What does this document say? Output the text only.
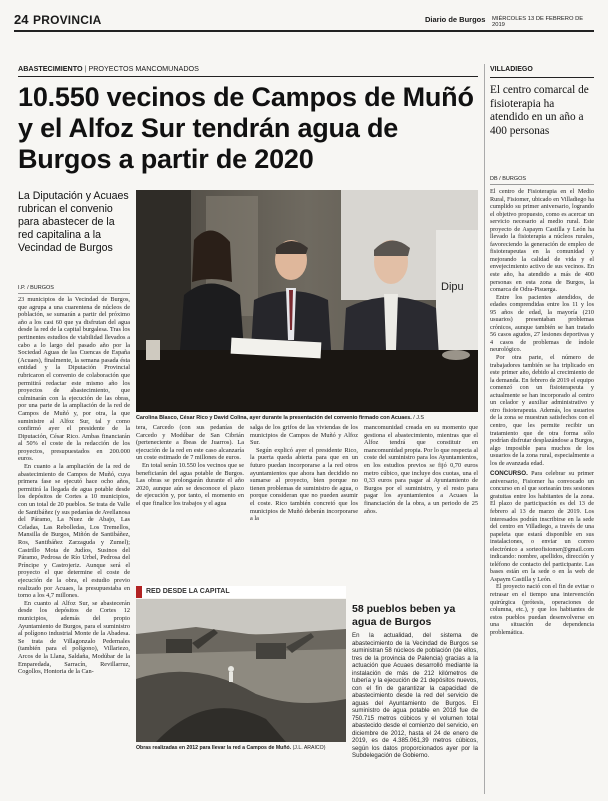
24 PROVINCIA	Diario de Burgos MIÉRCOLES 13 DE FEBRERO DE 2019
ABASTECIMIENTO | PROYECTOS MANCOMUNADOS
10.550 vecinos de Campos de Muñó y el Alfoz Sur tendrán agua de Burgos a partir de 2020
La Diputación y Acuaes rubrican el convenio para abastecer de la red capitalina a la Vecindad de Burgos
I.P. / BURGOS	Dipu
Carolina Blasco, César Rico y David Colina, ayer durante la presentación del convenio firmado con Acuaes. / J.S

23 municipios de la Vecindad de Burgos, que agrupa a una cuarentena de núcleos de población, se sumarán a partir del próximo año a los casi 60 que ya disfrutan del agua desde la red de la capital burgalesa. Tras los pertinentes estudios de viabilidad llevados a cabo a lo largo del pasado año por la Sociedad Aguas de las Cuencas de España (Acuaes), finalmente, la semana pasada ésta entidad y la Diputación Provincial rubricaron el convenio de colaboración que permitirá redactar este mismo año los proyectos de abastecimiento, que culminarán con la ejecución de las obras, por una parte de la ampliación de la red de Campos de Muñó y, por otra, la que suministre al Alfoz Sur, tal y como confirmó ayer el presidente de la Diputación, César Rico. Ambas financiarán al 50% el coste de la redacción de los proyectos, presupuestados en 200.000 euros.

En cuanto a la ampliación de la red de abastecimiento de Campos de Muñó, cuya primera fase se ejecutó hace ocho años, permitirá la llegada de agua potable desde los depósitos de Cortes a 10 municipios, con un total de 20 pueblos. Se trata de Valle de Santibáñez (y sus pedanías de Avellanosa del Páramo, La Nuez de Abajo, Las Celadas, Las Rebolledas, Los Tremellos, Mansilla de Burgos, Miñón de Santibáñez, Ros, Santibáñez Zarzaguda y Zumel); Castrillo Mota de Judíos, Susinos del Páramo, Pedrosa de Río Urbel, Pedrosa del Príncipe y Castrojeriz. Aunque será el proyecto el que determine el coste de ejecución de la obra, el estudio previo realizado por Acuaes, la presupuestaba en torno a los 4,7 millones.

En cuanto al Alfoz Sur, se abastecerán desde los depósitos de Cortes 12 municipios, además del propio Ayuntamiento de Burgos, para el suministro al polígono industrial Monte de la Abadesa. Se trata de Villagonzalo Pedernales (también para el polígono), Villariezo, Arcos de la Llana, Saldaña, Modúbar de la Emparedada, Sarracín, Revillarruz, Cogollos, Hontoria de la Can-

tera, Carcedo (con sus pedanías de Carcedo y Modúbar de San Cibrián (perteneciente a Ibeas de Juarros). La ejecución de la red en este caso alcanzaría un coste estimado de 7 millones de euros.

En total serán 10.550 los vecinos que se beneficiarán del agua potable de Burgos. Las obras se prolongarán durante el año 2020, aunque aún se desconoce el plazo de ejecución y, por tanto, el momento en el que finalice los trabajos y el agua

salga de los grifos de las viviendas de los municipios de Campos de Muñó y Alfoz Sur.

Según explicó ayer el presidente Rico, la puerta queda abierta para que en un futuro puedan incorporarse a la red otros ayuntamientos que ahora han decidido no sumarse al proyecto, bien porque no tienen problemas de suministro de agua, o porque consideran que no pueden asumir el coste. Rico también concretó que los municipios de Muñó deberán incorporarse a la

mancomunidad creada en su momento que gestiona el abastecimiento, mientras que el Alfoz tendrá que constituir en mancomunidad propia. Por lo que respecta al coste del suministro para los Ayuntamientos, en los estudios previos se fijó 0,70 euros metro cúbico, que incluye dos cuotas, una el 0,33 euros para pagar al Ayuntamiento de Burgos por el suministro, y el resto para pagar los ayuntamientos a Acuaes la financiación de la obra, a un periodo de 25 años.

RED DESDE LA CAPITAL
Obras realizadas en 2012 para llevar la red a Campos de Muñó. (J.L. ARAICO)
58 pueblos beben ya agua de Burgos

En la actualidad, del sistema de abastecimiento de la Vecindad de Burgos se suministran 58 núcleos de población (de ellos, tres de la provincia de Palencia) gracias a la actuación que Acuaes desarrolló mediante la instalación de más de 212 kilómetros de tubería y la ejecución de 21 depósitos nuevos, con el fin de garantizar la capacidad de abastecimiento desde la red del servicio de aguas del Ayuntamiento de Burgos. El suministro de agua potable en 2018 fue de 750.715 metros cúbicos y el volumen total abastecido desde el comienzo del servicio, en diciembre de 2012, hasta el 24 de enero de 2019, es de 4.385.061,39 metros cúbicos, según los datos proporcionados ayer por la Subdelegación de Gobierno.

VILLADIEGO
El centro comarcal de fisioterapia ha atendido en un año a 400 personas
DB / BURGOS

El centro de Fisioterapia en el Medio Rural, Fisiomer, ubicado en Villadiego ha cumplido su primer aniversario, logrando el objetivo propuesto, como es acercar un servicio necesario al medio rural. Este proyecto de Aspaym Castilla y León ha llevado la fisioterapia a núcleos rurales, favoreciendo la generación de empleo de fisioterapeutas en la comunidad y mejorando la calidad de vida y el envejecimiento activo de sus vecinos. En este año, ha atendido a más de 400 personas en esta zona de Burgos, la comarca de Odra-Pisuerga.

Entre los pacientes atendidos, de edades comprendidas entre los 11 y los 95 años de edad, la mayoría (210 usuarios) presentaban problemas crónicos, aunque también se han tratado 56 casos agudos, 27 lesiones deportivas y 4 casos de problemas de índole neurológico.

Por otra parte, el número de trabajadores también se ha triplicado en este primer año, debido al crecimiento de la demanda. En febrero de 2019 el equipo comenzó con un fisioterapeuta y actualmente se han incorporado al centro un celador y auxiliar administrativo y otro fisioterapeuta. Además, los usuarios de la zona se muestran satisfechos con el centro, que les permite recibir un tratamiento que de otra forma sólo podrían disfrutar desplazándose a Burgos, algo imposible para muchos de los usuarios de la zona rural, especialmente a los de avanzada edad.

CONCURSO. Para celebrar su primer aniversario, Fisiomer ha convocado un concurso en el que sortearán tres sesiones gratuitas entre los habitantes de la zona. El plazo de participación es del 13 de febrero al 13 de marzo de 2019. Los interesados podrán inscribirse en la sede del centro en Villadiego, a través de una papeleta que estará disponible en sus instalaciones, o enviar un correo electrónico a sorteofisiomer@gmail.com indicando: nombre, apellidos, dirección y teléfono de contacto del participante. Las bases están en la sede o en la web de Aspaym Castilla y León.

El proyecto nació con el fin de evitar o retrasar en el tiempo una intervención quirúrgica (prótesis, operaciones de columna, etc.), y que los habitantes de estos pueblos puedan desenvolverse en una situación de dependencia problemática.
